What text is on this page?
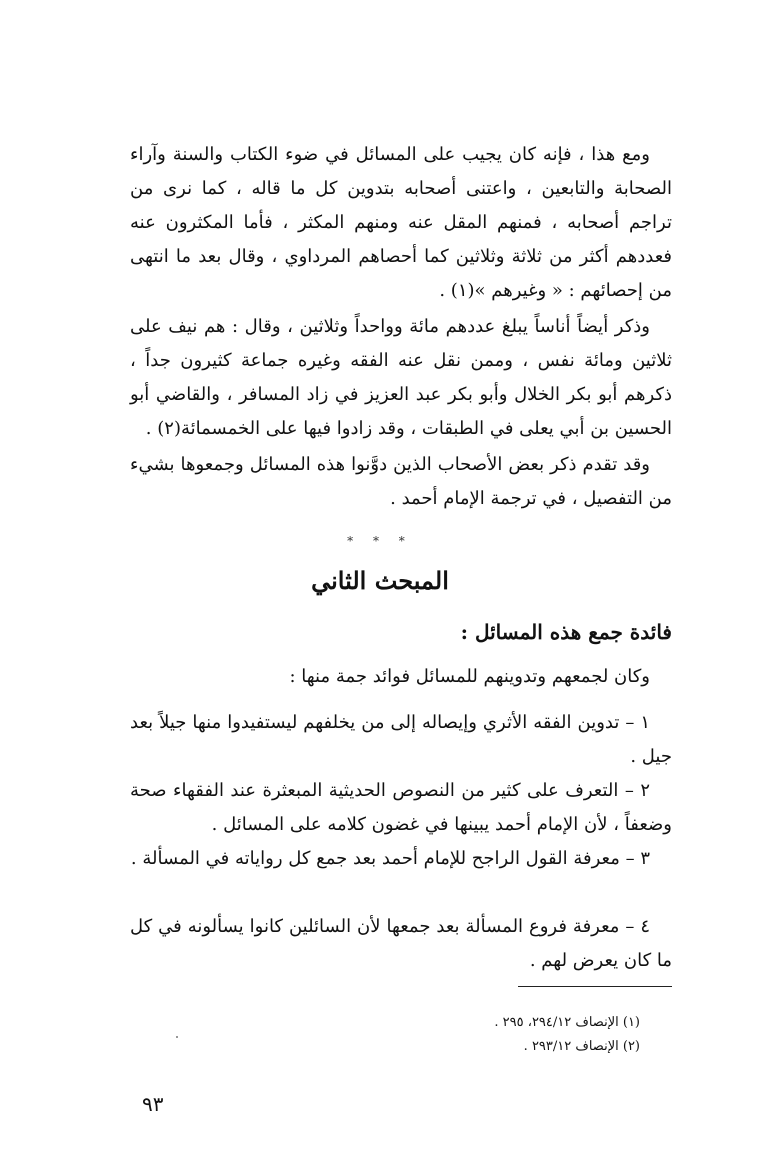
ومع هذا ، فإنه كان يجيب على المسائل في ضوء الكتاب والسنة وآراء الصحابة والتابعين ، واعتنى أصحابه بتدوين كل ما قاله ، كما نرى من تراجم أصحابه ، فمنهم المقل عنه ومنهم المكثر ، فأما المكثرون عنه فعددهم أكثر من ثلاثة وثلاثين كما أحصاهم المرداوي ، وقال بعد ما انتهى من إحصائهم : « وغيرهم »(١) .

وذكر أيضاً أناساً يبلغ عددهم مائة وواحداً وثلاثين ، وقال : هم نيف على ثلاثين ومائة نفس ، وممن نقل عنه الفقه وغيره جماعة كثيرون جداً ، ذكرهم أبو بكر الخلال وأبو بكر عبد العزيز في زاد المسافر ، والقاضي أبو الحسين بن أبي يعلى في الطبقات ، وقد زادوا فيها على الخمسمائة(٢) .

وقد تقدم ذكر بعض الأصحاب الذين دوَّنوا هذه المسائل وجمعوها بشيء من التفصيل ، في ترجمة الإمام أحمد .

* * *
المبحث الثاني
فائدة جمع هذه المسائل :

وكان لجمعهم وتدوينهم للمسائل فوائد جمة منها :

١ – تدوين الفقه الأثري وإيصاله إلى من يخلفهم ليستفيدوا منها جيلاً بعد جيل .

٢ – التعرف على كثير من النصوص الحديثية المبعثرة عند الفقهاء صحة وضعفاً ، لأن الإمام أحمد يبينها في غضون كلامه على المسائل .

٣ – معرفة القول الراجح للإمام أحمد بعد جمع كل رواياته في المسألة .

٤ – معرفة فروع المسألة بعد جمعها لأن السائلين كانوا يسألونه في كل ما كان يعرض لهم .

(١) الإنصاف ٢٩٤/١٢، ٢٩٥ .
(٢) الإنصاف ٢٩٣/١٢ .
٩٣
